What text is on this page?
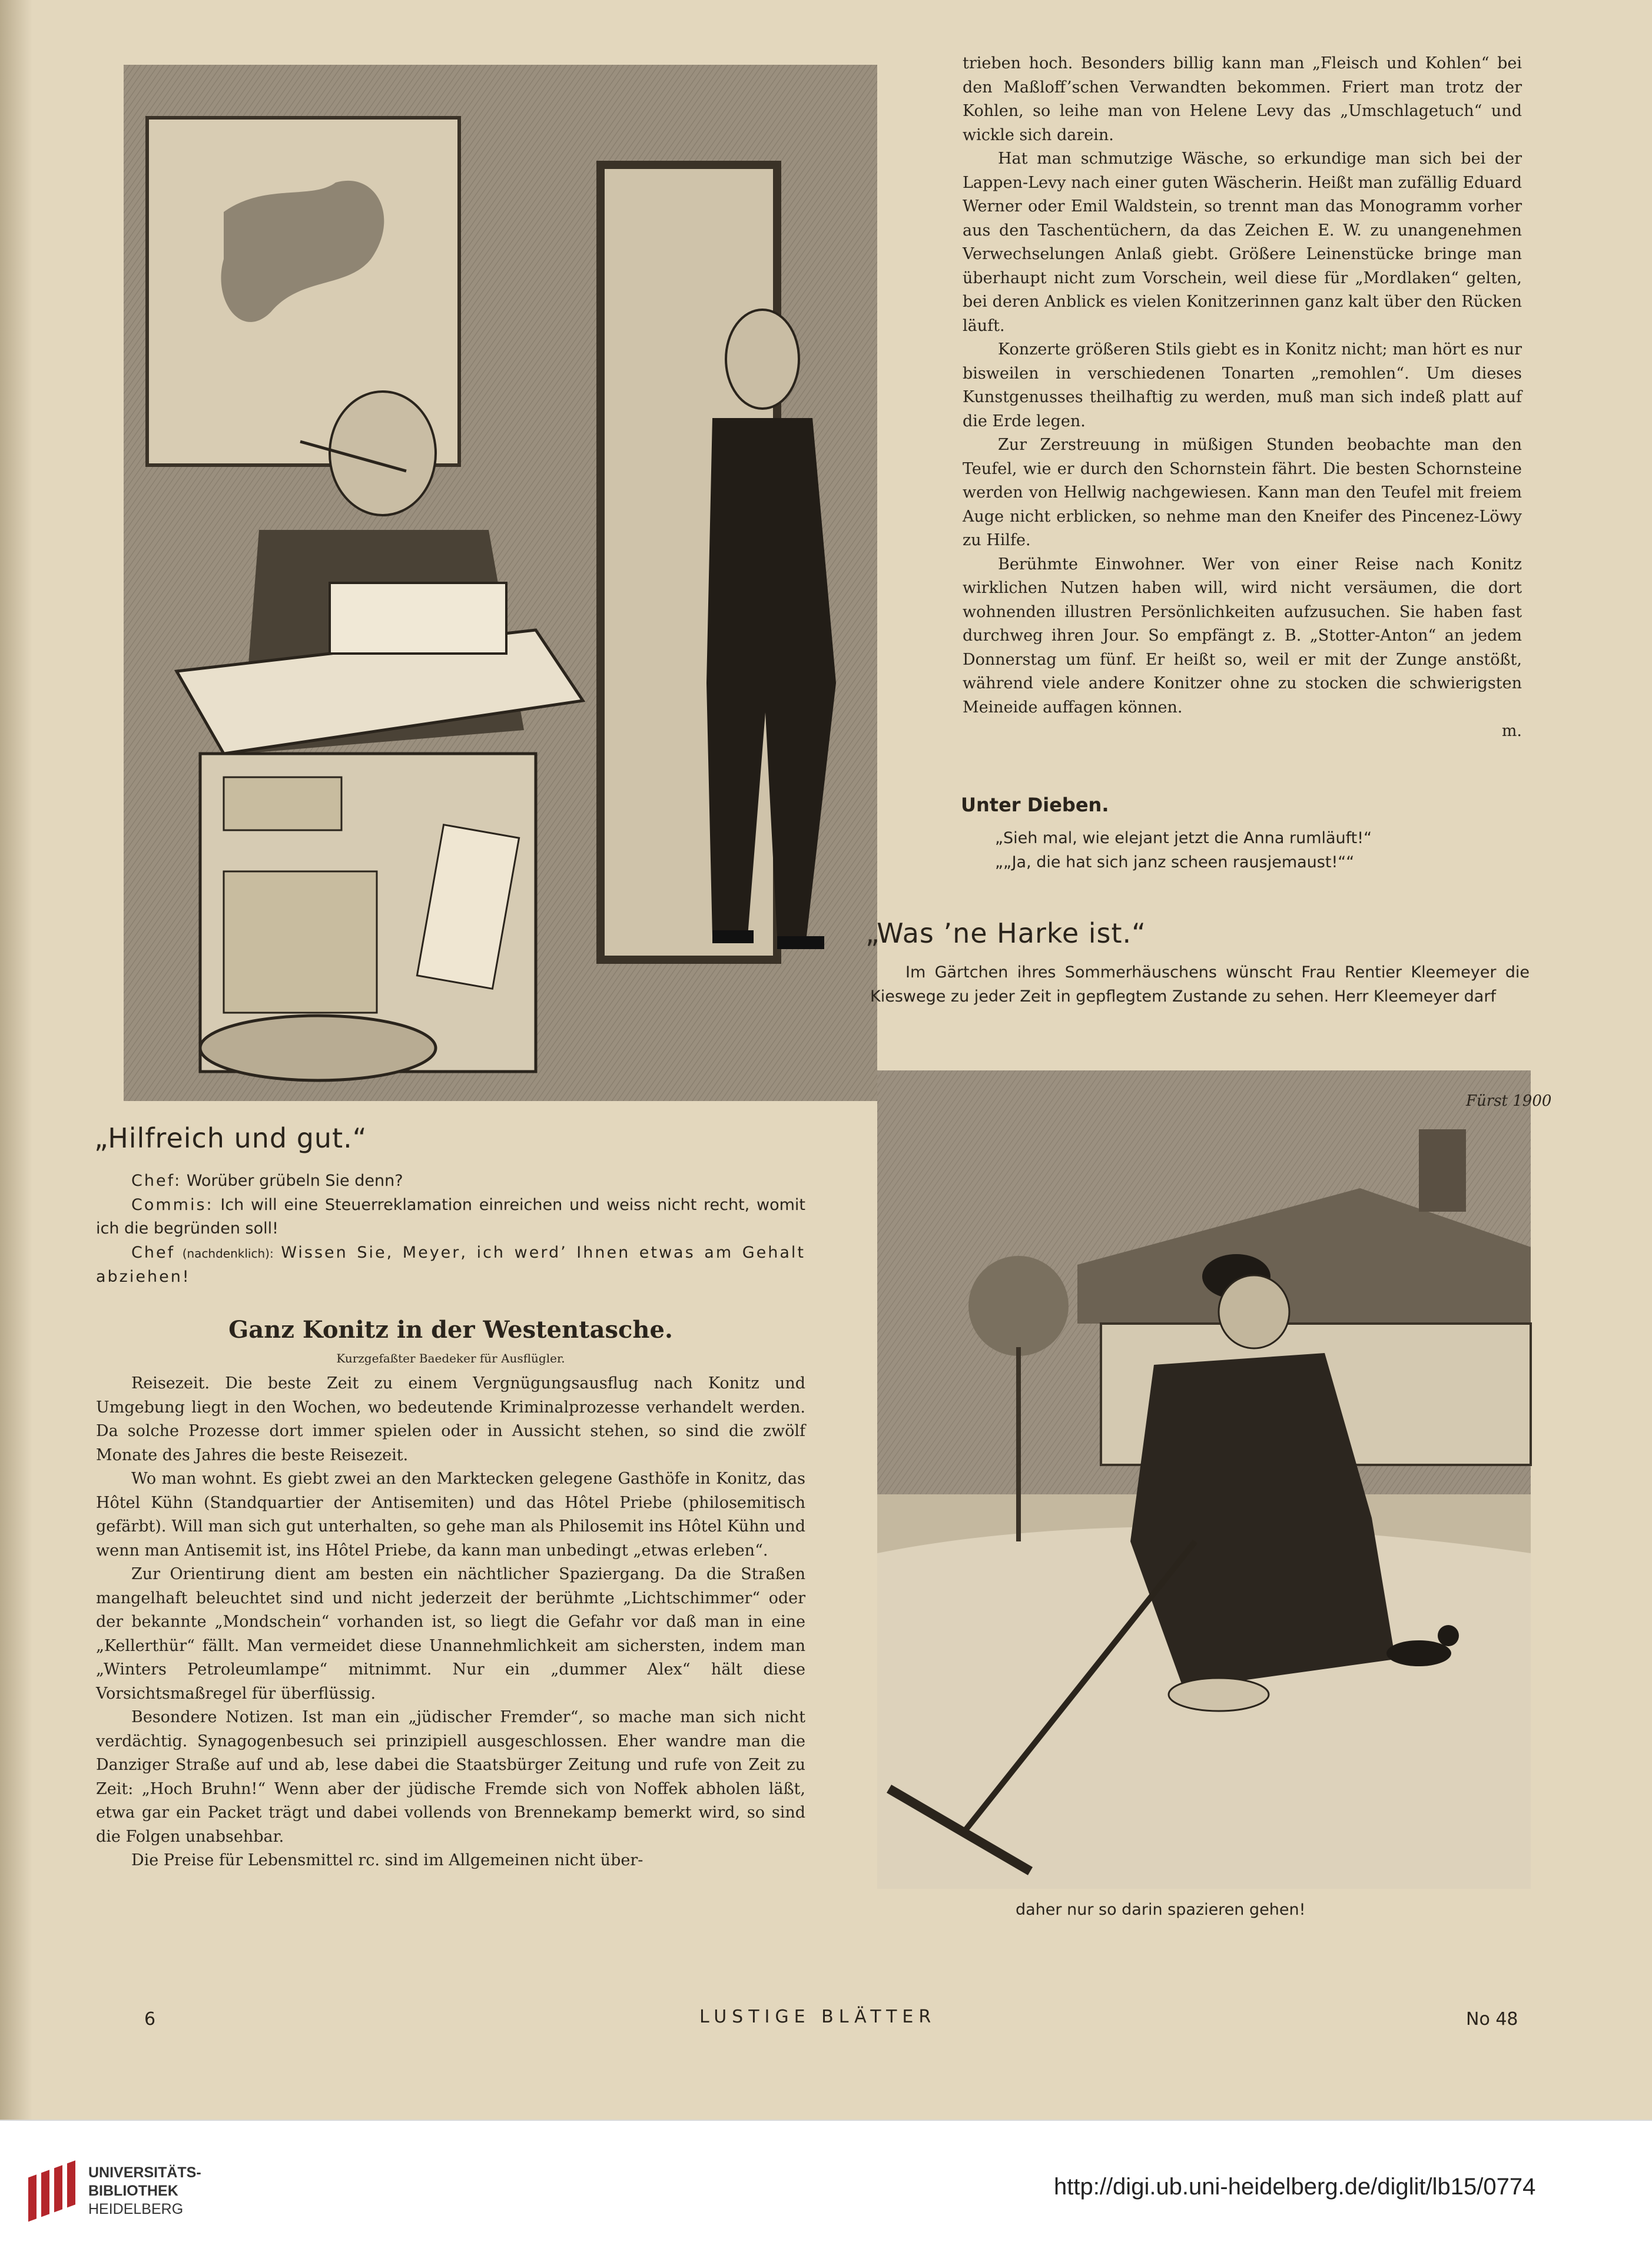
trieben hoch. Besonders billig kann man „Fleisch und Kohlen“ bei den Maßloff’schen Verwandten bekommen. Friert man trotz der Kohlen, so leihe man von Helene Levy das „Umschlagetuch“ und wickle sich darein.

Hat man schmutzige Wäsche, so erkundige man sich bei der Lappen-Levy nach einer guten Wäscherin. Heißt man zufällig Eduard Werner oder Emil Waldstein, so trennt man das Monogramm vorher aus den Taschentüchern, da das Zeichen E. W. zu unangenehmen Verwechselungen Anlaß giebt. Größere Leinenstücke bringe man überhaupt nicht zum Vorschein, weil diese für „Mordlaken“ gelten, bei deren Anblick es vielen Konitzerinnen ganz kalt über den Rücken läuft.

Konzerte größeren Stils giebt es in Konitz nicht; man hört es nur bisweilen in verschiedenen Tonarten „remohlen“. Um dieses Kunstgenusses theilhaftig zu werden, muß man sich indeß platt auf die Erde legen.

Zur Zerstreuung in müßigen Stunden beobachte man den Teufel, wie er durch den Schornstein fährt. Die besten Schornsteine werden von Hellwig nachgewiesen. Kann man den Teufel mit freiem Auge nicht erblicken, so nehme man den Kneifer des Pincenez-Löwy zu Hilfe.

Berühmte Einwohner. Wer von einer Reise nach Konitz wirklichen Nutzen haben will, wird nicht versäumen, die dort wohnenden illustren Persönlichkeiten aufzusuchen. Sie haben fast durchweg ihren Jour. So empfängt z. B. „Stotter-Anton“ an jedem Donnerstag um fünf. Er heißt so, weil er mit der Zunge anstößt, während viele andere Konitzer ohne zu stocken die schwierigsten Meineide auffagen können.

m.

Unter Dieben.

„Sieh mal, wie elejant jetzt die Anna rumläuft!“

„„Ja, die hat sich janz scheen rausjemaust!““

„Was ’ne Harke ist.“

Im Gärtchen ihres Sommerhäuschens wünscht Frau Rentier Kleemeyer die Kieswege zu jeder Zeit in gepflegtem Zustande zu sehen. Herr Kleemeyer darf

Fürst 1900
daher nur so darin spazieren gehen!
„Hilfreich und gut.“

Chef: Worüber grübeln Sie denn?

Commis: Ich will eine Steuerreklamation einreichen und weiss nicht recht, womit ich die begründen soll!

Chef (nachdenklich): Wissen Sie, Meyer, ich werd’ Ihnen etwas am Gehalt abziehen!

Ganz Konitz in der Westentasche.
Kurzgefaßter Baedeker für Ausflügler.

Reisezeit. Die beste Zeit zu einem Vergnügungsausflug nach Konitz und Umgebung liegt in den Wochen, wo bedeutende Kriminalprozesse verhandelt werden. Da solche Prozesse dort immer spielen oder in Aussicht stehen, so sind die zwölf Monate des Jahres die beste Reisezeit.

Wo man wohnt. Es giebt zwei an den Marktecken gelegene Gasthöfe in Konitz, das Hôtel Kühn (Standquartier der Antisemiten) und das Hôtel Priebe (philosemitisch gefärbt). Will man sich gut unterhalten, so gehe man als Philosemit ins Hôtel Kühn und wenn man Antisemit ist, ins Hôtel Priebe, da kann man unbedingt „etwas erleben“.

Zur Orientirung dient am besten ein nächtlicher Spaziergang. Da die Straßen mangelhaft beleuchtet sind und nicht jederzeit der berühmte „Lichtschimmer“ oder der bekannte „Mondschein“ vorhanden ist, so liegt die Gefahr vor daß man in eine „Kellerthür“ fällt. Man vermeidet diese Unannehmlichkeit am sichersten, indem man „Winters Petroleumlampe“ mitnimmt. Nur ein „dummer Alex“ hält diese Vorsichtsmaßregel für überflüssig.

Besondere Notizen. Ist man ein „jüdischer Fremder“, so mache man sich nicht verdächtig. Synagogenbesuch sei prinzipiell ausgeschlossen. Eher wandre man die Danziger Straße auf und ab, lese dabei die Staatsbürger Zeitung und rufe von Zeit zu Zeit: „Hoch Bruhn!“ Wenn aber der jüdische Fremde sich von Noffek abholen läßt, etwa gar ein Packet trägt und dabei vollends von Brennekamp bemerkt wird, so sind die Folgen unabsehbar.

Die Preise für Lebensmittel rc. sind im Allgemeinen nicht über-

6	LUSTIGE BLÄTTER	No 48
UNIVERSITÄTS-
BIBLIOTHEK
HEIDELBERG
http://digi.ub.uni-heidelberg.de/diglit/lb15/0774
